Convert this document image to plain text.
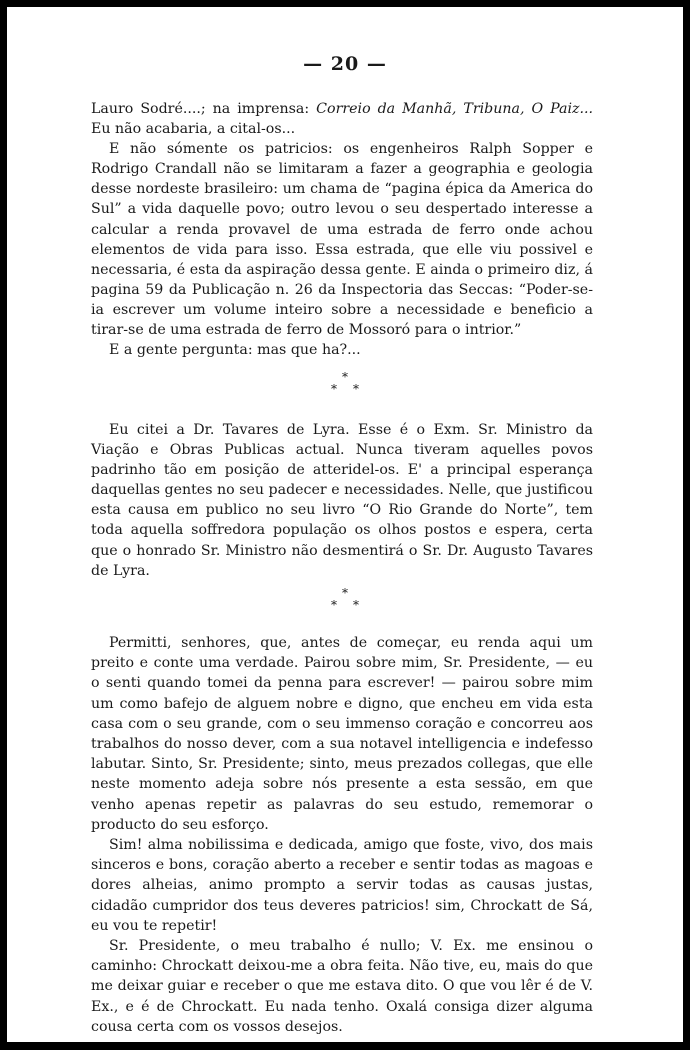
— 20 —

Lauro Sodré....; na imprensa: Correio da Manhã, Tribuna, O Paiz... Eu não acabaria, a cital-os...

E não sómente os patricios: os engenheiros Ralph Sopper e Rodrigo Crandall não se limitaram a fazer a geographia e geologia desse nordeste brasileiro: um chama de “pagina épica da America do Sul” a vida daquelle povo; outro levou o seu despertado interesse a calcular a renda provavel de uma estrada de ferro onde achou elementos de vida para isso. Essa estrada, que elle viu possivel e necessaria, é esta da aspiração dessa gente. E ainda o primeiro diz, á pagina 59 da Publicação n. 26 da Inspectoria das Seccas: “Poder-se-ia escrever um volume inteiro sobre a necessidade e beneficio a tirar-se de uma estrada de ferro de Mossoró para o intrior.”

E a gente pergunta: mas que ha?...

*
* *

Eu citei a Dr. Tavares de Lyra. Esse é o Exm. Sr. Ministro da Viação e Obras Publicas actual. Nunca tiveram aquelles povos padrinho tão em posição de atteridel-os. E' a principal esperança daquellas gentes no seu padecer e necessidades. Nelle, que justificou esta causa em publico no seu livro “O Rio Grande do Norte”, tem toda aquella soffredora população os olhos postos e espera, certa que o honrado Sr. Ministro não desmentirá o Sr. Dr. Augusto Tavares de Lyra.

*
* *

Permitti, senhores, que, antes de começar, eu renda aqui um preito e conte uma verdade. Pairou sobre mim, Sr. Presidente, — eu o senti quando tomei da penna para escrever! — pairou sobre mim um como bafejo de alguem nobre e digno, que encheu em vida esta casa com o seu grande, com o seu immenso coração e concorreu aos trabalhos do nosso dever, com a sua notavel intelligencia e indefesso labutar. Sinto, Sr. Presidente; sinto, meus prezados collegas, que elle neste momento adeja sobre nós presente a esta sessão, em que venho apenas repetir as palavras do seu estudo, rememorar o producto do seu esforço.

Sim! alma nobilissima e dedicada, amigo que foste, vivo, dos mais sinceros e bons, coração aberto a receber e sentir todas as magoas e dores alheias, animo prompto a servir todas as causas justas, cidadão cumpridor dos teus deveres patricios! sim, Chrockatt de Sá, eu vou te repetir!

Sr. Presidente, o meu trabalho é nullo; V. Ex. me ensinou o caminho: Chrockatt deixou-me a obra feita. Não tive, eu, mais do que me deixar guiar e receber o que me estava dito. O que vou lêr é de V. Ex., e é de Chrockatt. Eu nada tenho. Oxalá consiga dizer alguma cousa certa com os vossos desejos.
